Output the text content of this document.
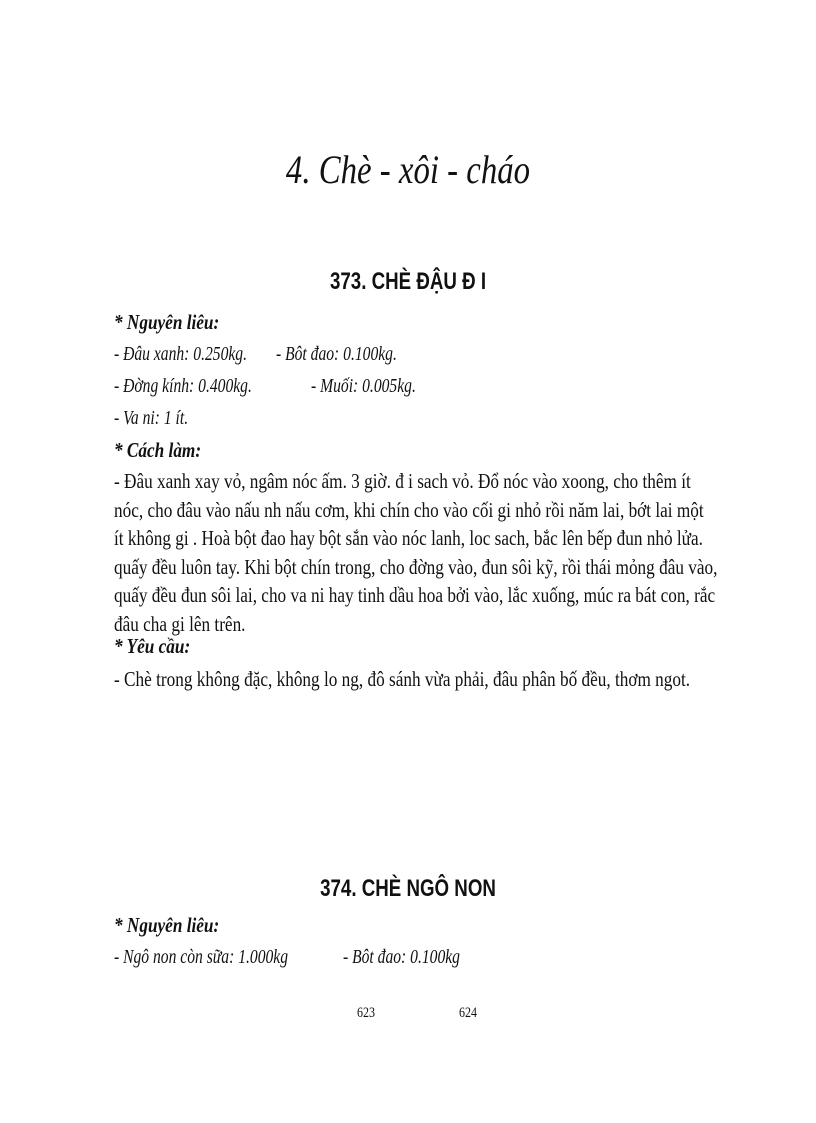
4. Chè - xôi - cháo
373. CHÈ ĐẬU Đ I
* Nguyên liêu:
- Đâu xanh: 0.250kg. - Bôt đao: 0.100kg.
- Đờng kính: 0.400kg.	- Muối: 0.005kg.
- Va ni: 1 ít.
* Cách làm:
- Đâu xanh xay vỏ, ngâm nóc ấm. 3 giờ. đ i sach vỏ. Đổ nóc vào xoong, cho thêm ít
nóc, cho đâu vào nấu nh nấu cơm, khi chín cho vào cối gi nhỏ rồi năm lai, bớt lai một
ít không gi . Hoà bột đao hay bột sắn vào nóc lanh, loc sach, bắc lên bếp đun nhỏ lửa.
quấy đều luôn tay. Khi bột chín trong, cho đờng vào, đun sôi kỹ, rồi thái mỏng đâu vào,
quấy đều đun sôi lai, cho va ni hay tinh dầu hoa bởi vào, lắc xuống, múc ra bát con, rắc
đâu cha gi lên trên.
* Yêu cầu:
- Chè trong không đặc, không lo ng, đô sánh vừa phải, đâu phân bố đều, thơm ngot.
374. CHÈ NGÔ NON
* Nguyên liêu:
- Ngô non còn sữa: 1.000kg	- Bôt đao: 0.100kg
623	624
